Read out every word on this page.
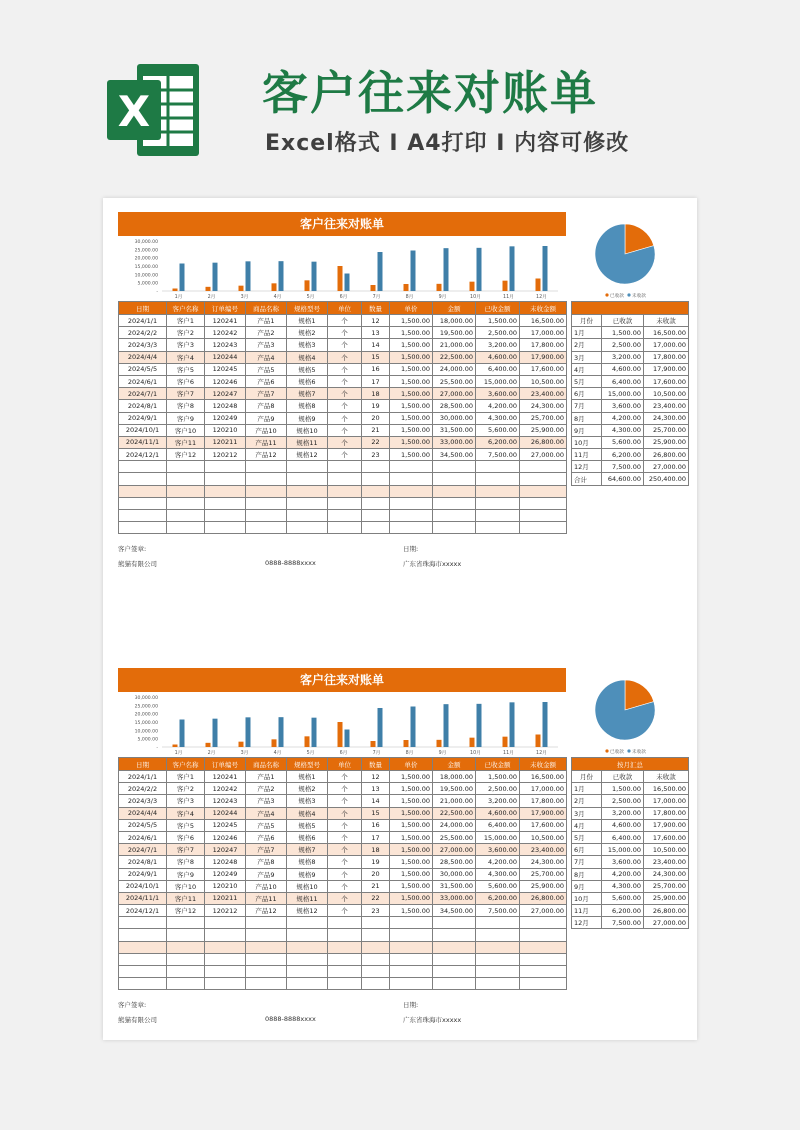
X 客户往来对账单
Excel格式 I A4打印 I 内容可修改
客户往来对账单
30,000.00
25,000.00
20,000.00
15,000.00
10,000.00
5,000.00
-
1月	2月	3月	4月	5月	6月	7月	8月	9月	10月	11月	12月	已收款 未收款
日期	客户名称	订单编号	商品名称	规格型号	单位	数量	单价	金额	已收金额	未收金额
2024/1/1	客户1	120241	产品1	规格1	个	12	1,500.00	18,000.00	1,500.00	16,500.00
2024/2/2	客户2	120242	产品2	规格2	个	13	1,500.00	19,500.00	2,500.00	17,000.00
2024/3/3	客户3	120243	产品3	规格3	个	14	1,500.00	21,000.00	3,200.00	17,800.00
2024/4/4	客户4	120244	产品4	规格4	个	15	1,500.00	22,500.00	4,600.00	17,900.00
2024/5/5	客户5	120245	产品5	规格5	个	16	1,500.00	24,000.00	6,400.00	17,600.00
2024/6/1	客户6	120246	产品6	规格6	个	17	1,500.00	25,500.00	15,000.00	10,500.00
2024/7/1	客户7	120247	产品7	规格7	个	18	1,500.00	27,000.00	3,600.00	23,400.00
2024/8/1	客户8	120248	产品8	规格8	个	19	1,500.00	28,500.00	4,200.00	24,300.00
2024/9/1	客户9	120249	产品9	规格9	个	20	1,500.00	30,000.00	4,300.00	25,700.00
2024/10/1	客户10	120210	产品10	规格10	个	21	1,500.00	31,500.00	5,600.00	25,900.00
2024/11/1	客户11	120211	产品11	规格11	个	22	1,500.00	33,000.00	6,200.00	26,800.00
2024/12/1	客户12	120212	产品12	规格12	个	23	1,500.00	34,500.00	7,500.00	27,000.00

月份	已收款	未收款
1月	1,500.00	16,500.00
2月	2,500.00	17,000.00
3月	3,200.00	17,800.00
4月	4,600.00	17,900.00
5月	6,400.00	17,600.00
6月	15,000.00	10,500.00
7月	3,600.00	23,400.00
8月	4,200.00	24,300.00
9月	4,300.00	25,700.00
10月	5,600.00	25,900.00
11月	6,200.00	26,800.00
12月	7,500.00	27,000.00
合计	64,600.00	250,400.00
客户签章:	日期:
熊猫有限公司	0888-8888xxxx	广东省珠海市xxxxx
客户往来对账单
30,000.00
25,000.00
20,000.00
15,000.00
10,000.00
5,000.00
-
1月	2月	3月	4月	5月	6月	7月	8月	9月	10月	11月	12月	已收款 未收款
日期	客户名称	订单编号	商品名称	规格型号	单位	数量	单价	金额	已收金额	未收金额
2024/1/1	客户1	120241	产品1	规格1	个	12	1,500.00	18,000.00	1,500.00	16,500.00
2024/2/2	客户2	120242	产品2	规格2	个	13	1,500.00	19,500.00	2,500.00	17,000.00
2024/3/3	客户3	120243	产品3	规格3	个	14	1,500.00	21,000.00	3,200.00	17,800.00
2024/4/4	客户4	120244	产品4	规格4	个	15	1,500.00	22,500.00	4,600.00	17,900.00
2024/5/5	客户5	120245	产品5	规格5	个	16	1,500.00	24,000.00	6,400.00	17,600.00
2024/6/1	客户6	120246	产品6	规格6	个	17	1,500.00	25,500.00	15,000.00	10,500.00
2024/7/1	客户7	120247	产品7	规格7	个	18	1,500.00	27,000.00	3,600.00	23,400.00
2024/8/1	客户8	120248	产品8	规格8	个	19	1,500.00	28,500.00	4,200.00	24,300.00
2024/9/1	客户9	120249	产品9	规格9	个	20	1,500.00	30,000.00	4,300.00	25,700.00
2024/10/1	客户10	120210	产品10	规格10	个	21	1,500.00	31,500.00	5,600.00	25,900.00
2024/11/1	客户11	120211	产品11	规格11	个	22	1,500.00	33,000.00	6,200.00	26,800.00
2024/12/1	客户12	120212	产品12	规格12	个	23	1,500.00	34,500.00	7,500.00	27,000.00

按月汇总		
月份	已收款	未收款
1月	1,500.00	16,500.00
2月	2,500.00	17,000.00
3月	3,200.00	17,800.00
4月	4,600.00	17,900.00
5月	6,400.00	17,600.00
6月	15,000.00	10,500.00
7月	3,600.00	23,400.00
8月	4,200.00	24,300.00
9月	4,300.00	25,700.00
10月	5,600.00	25,900.00
11月	6,200.00	26,800.00
12月	7,500.00	27,000.00
客户签章:	日期:
熊猫有限公司	0888-8888xxxx	广东省珠海市xxxxx
